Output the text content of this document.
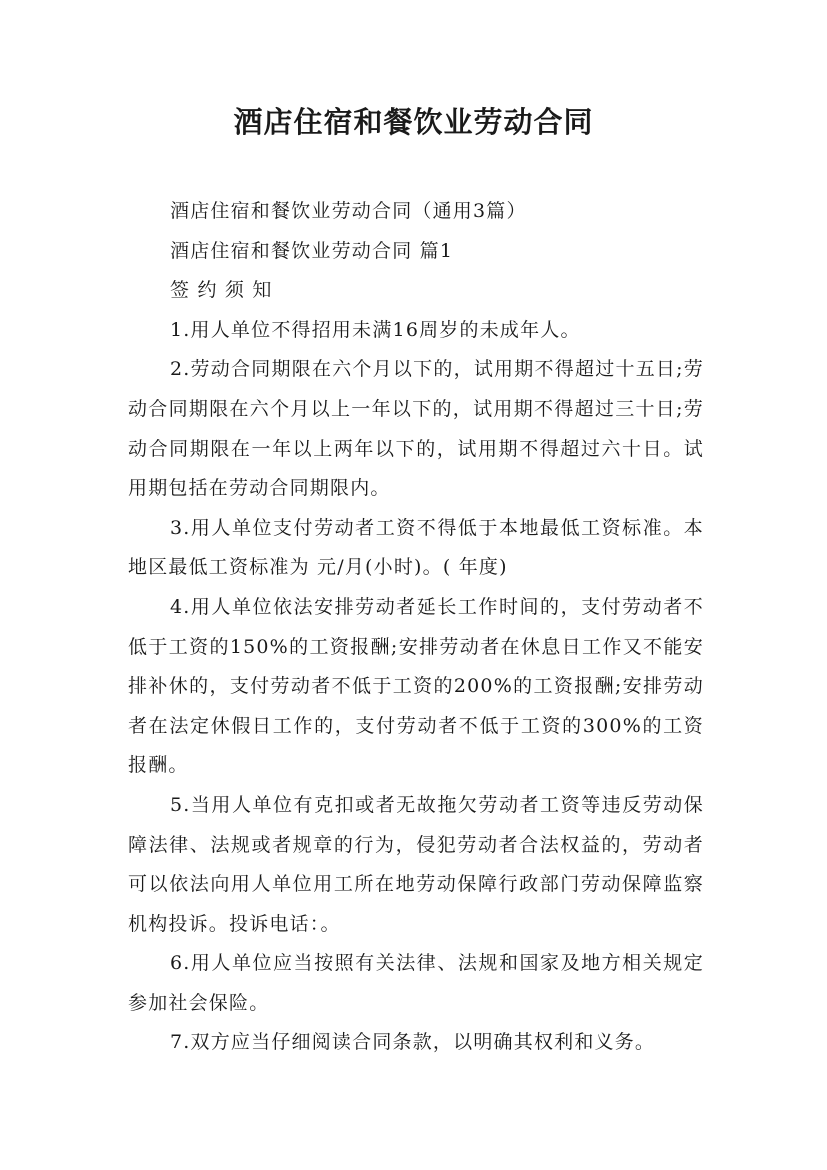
酒店住宿和餐饮业劳动合同

酒店住宿和餐饮业劳动合同（通用3篇）

酒店住宿和餐饮业劳动合同 篇1

签 约 须 知

1.用人单位不得招用未满16周岁的未成年人。

2.劳动合同期限在六个月以下的，试用期不得超过十五日;劳动合同期限在六个月以上一年以下的，试用期不得超过三十日;劳动合同期限在一年以上两年以下的，试用期不得超过六十日。试用期包括在劳动合同期限内。

3.用人单位支付劳动者工资不得低于本地最低工资标准。本地区最低工资标准为 元/月(小时)。( 年度)

4.用人单位依法安排劳动者延长工作时间的，支付劳动者不低于工资的150%的工资报酬;安排劳动者在休息日工作又不能安排补休的，支付劳动者不低于工资的200%的工资报酬;安排劳动者在法定休假日工作的，支付劳动者不低于工资的300%的工资报酬。

5.当用人单位有克扣或者无故拖欠劳动者工资等违反劳动保障法律、法规或者规章的行为，侵犯劳动者合法权益的，劳动者可以依法向用人单位用工所在地劳动保障行政部门劳动保障监察机构投诉。投诉电话：。

6.用人单位应当按照有关法律、法规和国家及地方相关规定参加社会保险。

7.双方应当仔细阅读合同条款，以明确其权利和义务。
